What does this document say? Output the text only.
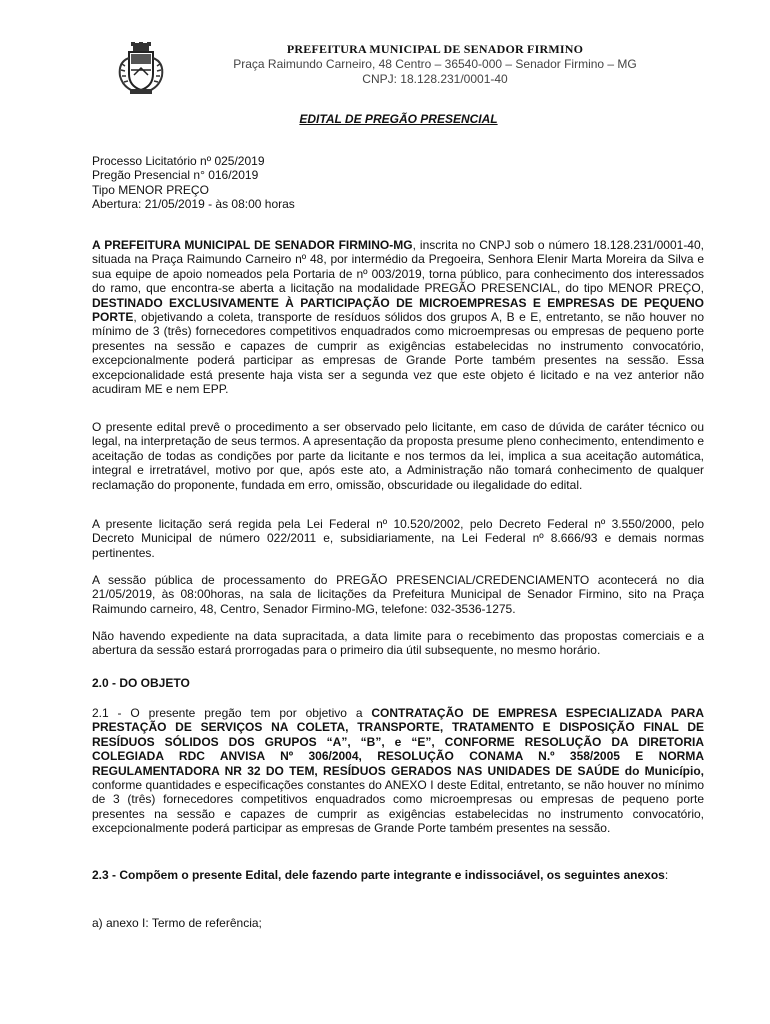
PREFEITURA MUNICIPAL DE SENADOR FIRMINO
Praça Raimundo Carneiro, 48 Centro – 36540-000 – Senador Firmino – MG
CNPJ: 18.128.231/0001-40
EDITAL DE PREGÃO PRESENCIAL
Processo Licitatório nº 025/2019
Pregão Presencial n° 016/2019
Tipo MENOR PREÇO
Abertura: 21/05/2019 - às 08:00 horas
A PREFEITURA MUNICIPAL DE SENADOR FIRMINO-MG, inscrita no CNPJ sob o número 18.128.231/0001-40, situada na Praça Raimundo Carneiro nº 48, por intermédio da Pregoeira, Senhora Elenir Marta Moreira da Silva e sua equipe de apoio nomeados pela Portaria de nº 003/2019, torna público, para conhecimento dos interessados do ramo, que encontra-se aberta a licitação na modalidade PREGÃO PRESENCIAL, do tipo MENOR PREÇO, DESTINADO EXCLUSIVAMENTE À PARTICIPAÇÃO DE MICROEMPRESAS E EMPRESAS DE PEQUENO PORTE, objetivando a coleta, transporte de resíduos sólidos dos grupos A, B e E, entretanto, se não houver no mínimo de 3 (três) fornecedores competitivos enquadrados como microempresas ou empresas de pequeno porte presentes na sessão e capazes de cumprir as exigências estabelecidas no instrumento convocatório, excepcionalmente poderá participar as empresas de Grande Porte também presentes na sessão. Essa excepcionalidade está presente haja vista ser a segunda vez que este objeto é licitado e na vez anterior não acudiram ME e nem EPP.
O presente edital prevê o procedimento a ser observado pelo licitante, em caso de dúvida de caráter técnico ou legal, na interpretação de seus termos. A apresentação da proposta presume pleno conhecimento, entendimento e aceitação de todas as condições por parte da licitante e nos termos da lei, implica a sua aceitação automática, integral e irretratável, motivo por que, após este ato, a Administração não tomará conhecimento de qualquer reclamação do proponente, fundada em erro, omissão, obscuridade ou ilegalidade do edital.
A presente licitação será regida pela Lei Federal nº 10.520/2002, pelo Decreto Federal nº 3.550/2000, pelo Decreto Municipal de número 022/2011 e, subsidiariamente, na Lei Federal nº 8.666/93 e demais normas pertinentes.
A sessão pública de processamento do PREGÃO PRESENCIAL/CREDENCIAMENTO acontecerá no dia 21/05/2019, às 08:00horas, na sala de licitações da Prefeitura Municipal de Senador Firmino, sito na Praça Raimundo carneiro, 48, Centro, Senador Firmino-MG, telefone: 032-3536-1275.
Não havendo expediente na data supracitada, a data limite para o recebimento das propostas comerciais e a abertura da sessão estará prorrogadas para o primeiro dia útil subsequente, no mesmo horário.
2.0 - DO OBJETO
2.1 - O presente pregão tem por objetivo a CONTRATAÇÃO DE EMPRESA ESPECIALIZADA PARA PRESTAÇÃO DE SERVIÇOS NA COLETA, TRANSPORTE, TRATAMENTO E DISPOSIÇÃO FINAL DE RESÍDUOS SÓLIDOS DOS GRUPOS “A”, “B”, e “E”, CONFORME RESOLUÇÃO DA DIRETORIA COLEGIADA RDC ANVISA Nº 306/2004, RESOLUÇÃO CONAMA N.º 358/2005 E NORMA REGULAMENTADORA NR 32 DO TEM, RESÍDUOS GERADOS NAS UNIDADES DE SAÚDE do Município, conforme quantidades e especificações constantes do ANEXO I deste Edital, entretanto, se não houver no mínimo de 3 (três) fornecedores competitivos enquadrados como microempresas ou empresas de pequeno porte presentes na sessão e capazes de cumprir as exigências estabelecidas no instrumento convocatório, excepcionalmente poderá participar as empresas de Grande Porte também presentes na sessão.
2.3 - Compõem o presente Edital, dele fazendo parte integrante e indissociável, os seguintes anexos:
a) anexo I: Termo de referência;
